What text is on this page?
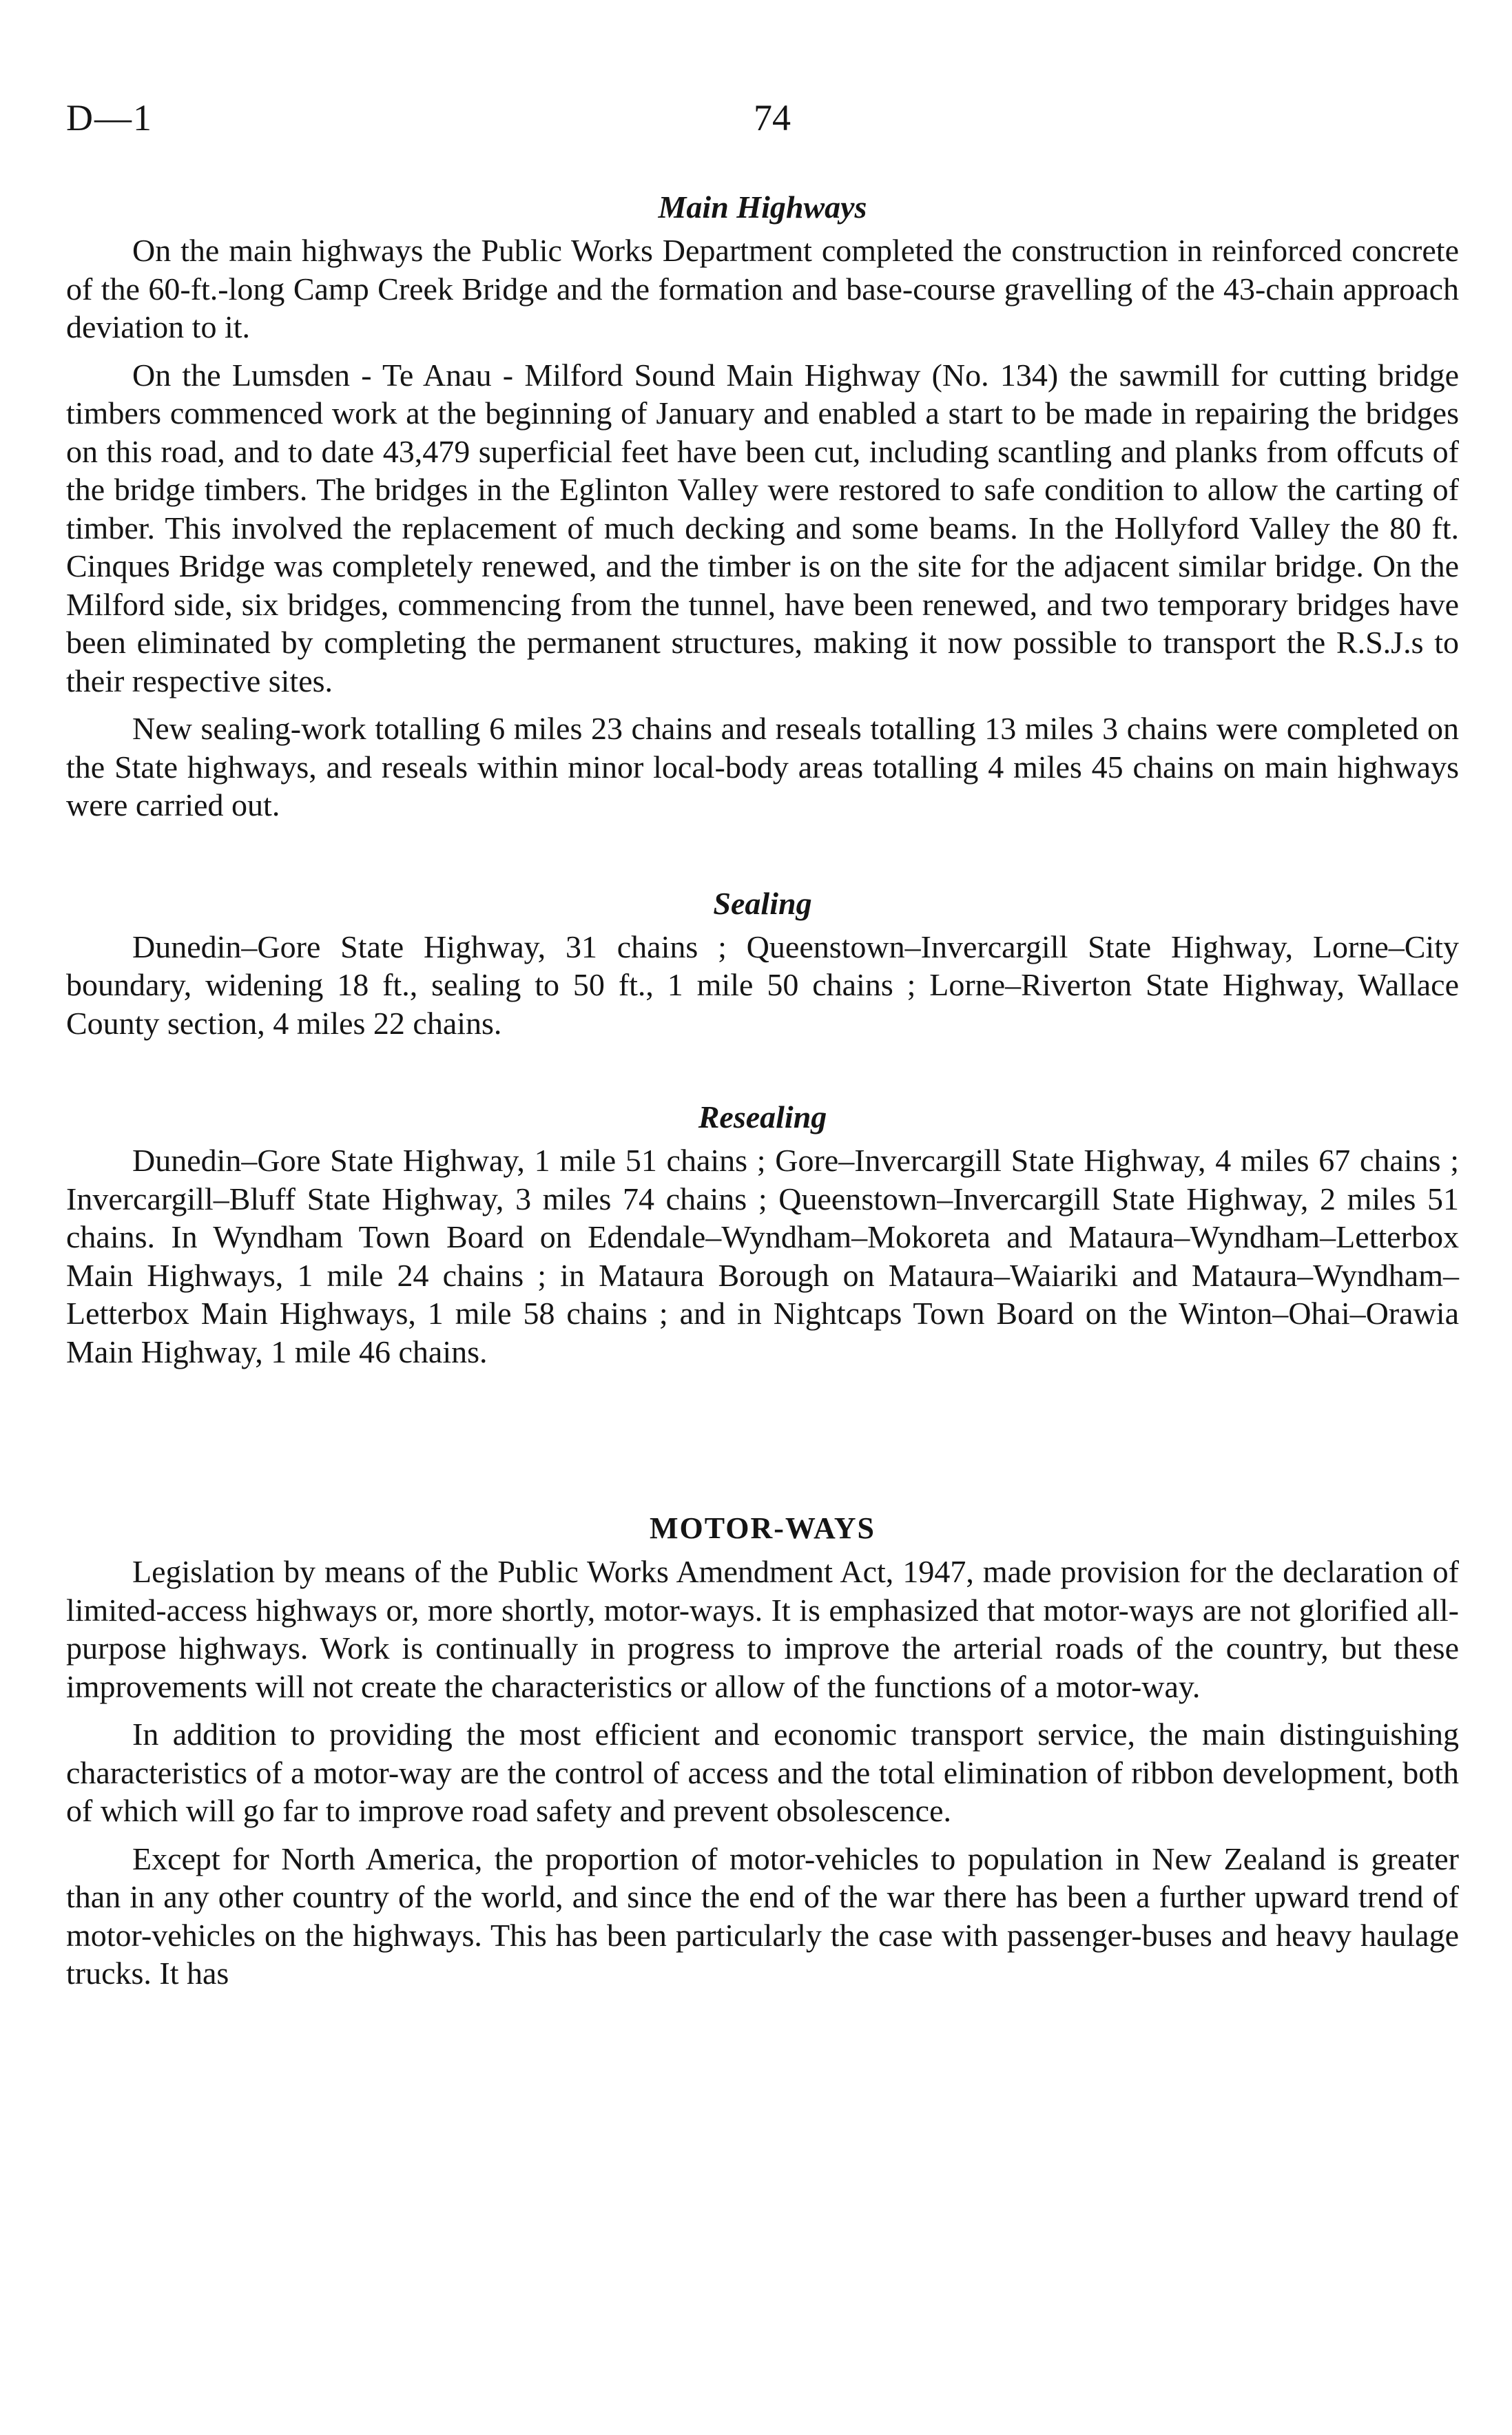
D—1	74
Main Highways

On the main highways the Public Works Department completed the construction in reinforced concrete of the 60-ft.-long Camp Creek Bridge and the formation and base-course gravelling of the 43-chain approach deviation to it.

On the Lumsden - Te Anau - Milford Sound Main Highway (No. 134) the sawmill for cutting bridge timbers commenced work at the beginning of January and enabled a start to be made in repairing the bridges on this road, and to date 43,479 superficial feet have been cut, including scantling and planks from offcuts of the bridge timbers. The bridges in the Eglinton Valley were restored to safe condition to allow the carting of timber. This involved the replacement of much decking and some beams. In the Hollyford Valley the 80 ft. Cinques Bridge was completely renewed, and the timber is on the site for the adjacent similar bridge. On the Milford side, six bridges, commencing from the tunnel, have been renewed, and two temporary bridges have been eliminated by completing the permanent structures, making it now possible to transport the R.S.J.s to their respective sites.

New sealing-work totalling 6 miles 23 chains and reseals totalling 13 miles 3 chains were completed on the State highways, and reseals within minor local-body areas totalling 4 miles 45 chains on main highways were carried out.

Sealing

Dunedin–Gore State Highway, 31 chains ; Queenstown–Invercargill State Highway, Lorne–City boundary, widening 18 ft., sealing to 50 ft., 1 mile 50 chains ; Lorne–Riverton State Highway, Wallace County section, 4 miles 22 chains.

Resealing

Dunedin–Gore State Highway, 1 mile 51 chains ; Gore–Invercargill State Highway, 4 miles 67 chains ; Invercargill–Bluff State Highway, 3 miles 74 chains ; Queenstown–Invercargill State Highway, 2 miles 51 chains. In Wyndham Town Board on Edendale–Wyndham–Mokoreta and Mataura–Wyndham–Letterbox Main Highways, 1 mile 24 chains ; in Mataura Borough on Mataura–Waiariki and Mataura–Wyndham–Letterbox Main Highways, 1 mile 58 chains ; and in Nightcaps Town Board on the Winton–Ohai–Orawia Main Highway, 1 mile 46 chains.

MOTOR-WAYS

Legislation by means of the Public Works Amendment Act, 1947, made provision for the declaration of limited-access highways or, more shortly, motor-ways. It is emphasized that motor-ways are not glorified all-purpose highways. Work is continually in progress to improve the arterial roads of the country, but these improvements will not create the characteristics or allow of the functions of a motor-way.

In addition to providing the most efficient and economic transport service, the main distinguishing characteristics of a motor-way are the control of access and the total elimination of ribbon development, both of which will go far to improve road safety and prevent obsolescence.

Except for North America, the proportion of motor-vehicles to population in New Zealand is greater than in any other country of the world, and since the end of the war there has been a further upward trend of motor-vehicles on the highways. This has been particularly the case with passenger-buses and heavy haulage trucks. It has
